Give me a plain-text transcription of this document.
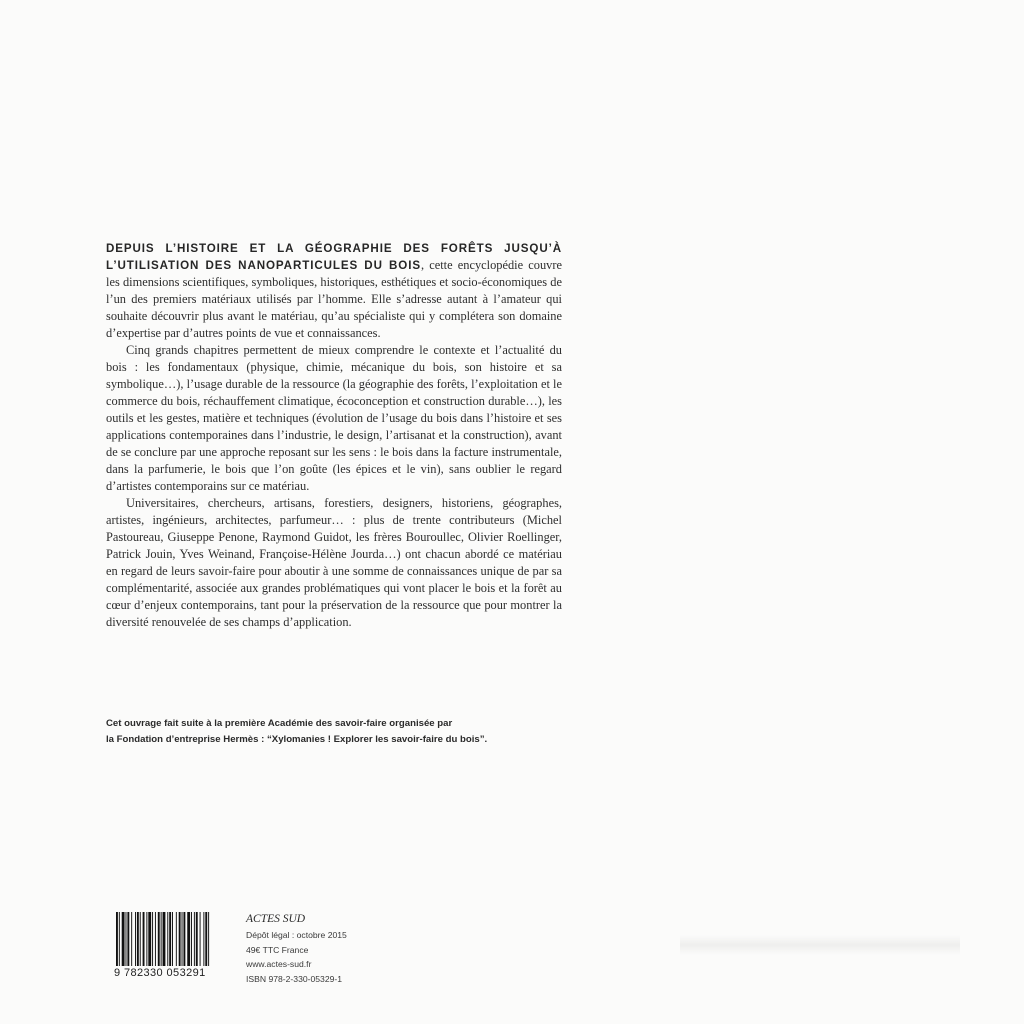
DEPUIS L’HISTOIRE ET LA GÉOGRAPHIE DES FORÊTS JUSQU’À L’UTILISATION DES NANOPARTICULES DU BOIS, cette encyclopédie couvre les dimensions scientifiques, symboliques, historiques, esthétiques et socio-économiques de l’un des premiers matériaux utilisés par l’homme. Elle s’adresse autant à l’amateur qui souhaite découvrir plus avant le matériau, qu’au spécialiste qui y complétera son domaine d’expertise par d’autres points de vue et connaissances.

Cinq grands chapitres permettent de mieux comprendre le contexte et l’actualité du bois : les fondamentaux (physique, chimie, mécanique du bois, son histoire et sa symbolique…), l’usage durable de la ressource (la géographie des forêts, l’exploitation et le commerce du bois, réchauffement climatique, écoconception et construction durable…), les outils et les gestes, matière et techniques (évolution de l’usage du bois dans l’histoire et ses applications contemporaines dans l’industrie, le design, l’artisanat et la construction), avant de se conclure par une approche reposant sur les sens : le bois dans la facture instrumentale, dans la parfumerie, le bois que l’on goûte (les épices et le vin), sans oublier le regard d’artistes contemporains sur ce matériau.

Universitaires, chercheurs, artisans, forestiers, designers, historiens, géographes, artistes, ingénieurs, architectes, parfumeur… : plus de trente contributeurs (Michel Pastoureau, Giuseppe Penone, Raymond Guidot, les frères Bouroullec, Olivier Roellinger, Patrick Jouin, Yves Weinand, Françoise-Hélène Jourda…) ont chacun abordé ce matériau en regard de leurs savoir-faire pour aboutir à une somme de connaissances unique de par sa complémentarité, associée aux grandes problématiques qui vont placer le bois et la forêt au cœur d’enjeux contemporains, tant pour la préservation de la ressource que pour montrer la diversité renouvelée de ses champs d’application.

Cet ouvrage fait suite à la première Académie des savoir-faire organisée par
la Fondation d’entreprise Hermès : “Xylomanies ! Explorer les savoir-faire du bois”.
9 782330 053291
ACTES SUD
Dépôt légal : octobre 2015
49€ TTC France
www.actes-sud.fr
ISBN 978-2-330-05329-1
